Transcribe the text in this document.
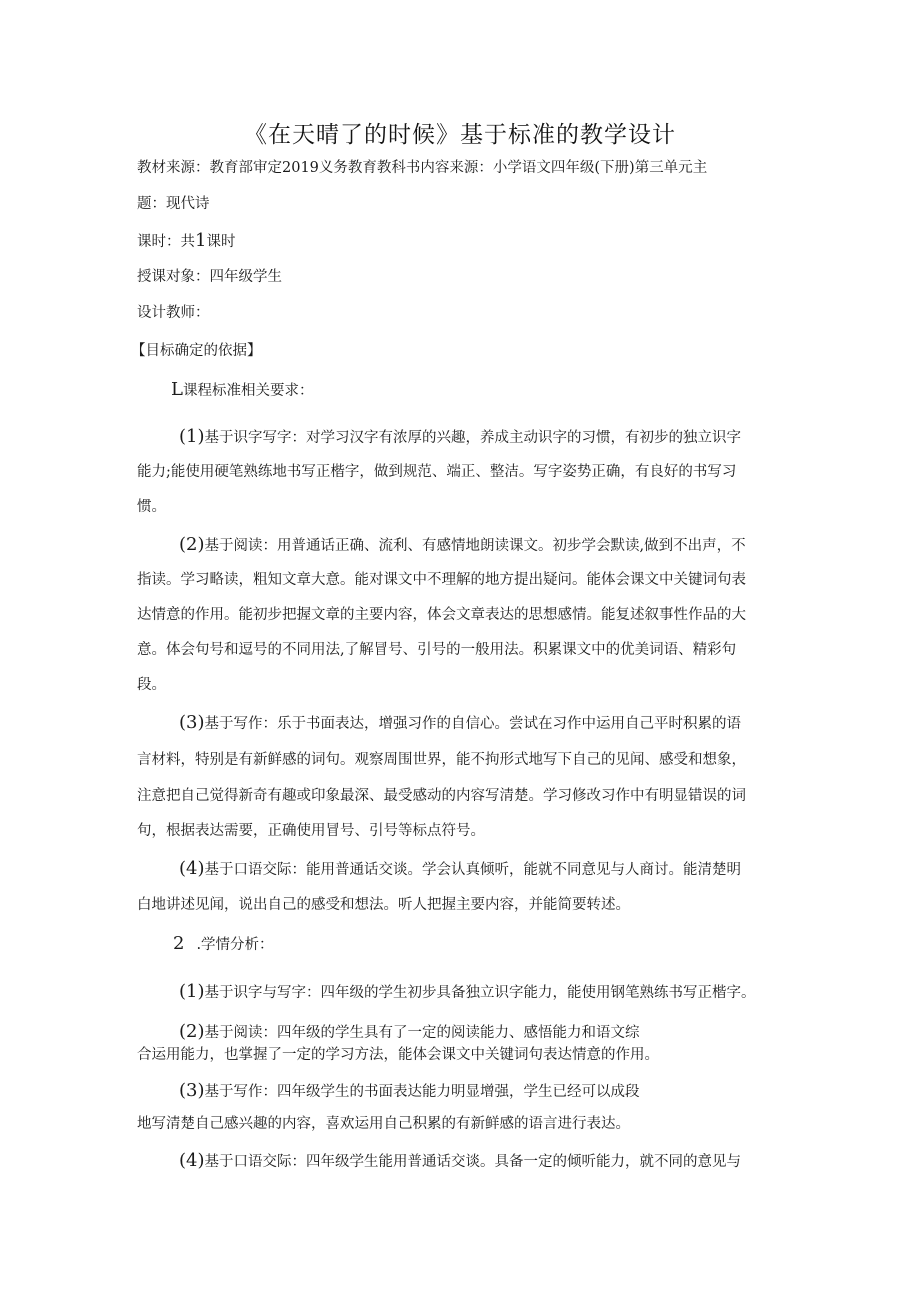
《在天晴了的时候》基于标准的教学设计
教材来源：教育部审定2019义务教育教科书内容来源：小学语文四年级(下册)第三单元主
题：现代诗
课时：共1课时
授课对象：四年级学生
设计教师：
【目标确定的依据】
L课程标准相关要求：
(1)基于识字写字：对学习汉字有浓厚的兴趣，养成主动识字的习惯，有初步的独立识字
能力;能使用硬笔熟练地书写正楷字，做到规范、端正、整洁。写字姿势正确，有良好的书写习
惯。
(2)基于阅读：用普通话正确、流利、有感情地朗读课文。初步学会默读,做到不出声，不
指读。学习略读，粗知文章大意。能对课文中不理解的地方提出疑问。能体会课文中关键词句表
达情意的作用。能初步把握文章的主要内容，体会文章表达的思想感情。能复述叙事性作品的大
意。体会句号和逗号的不同用法,了解冒号、引号的一般用法。积累课文中的优美词语、精彩句
段。
(3)基于写作：乐于书面表达，增强习作的自信心。尝试在习作中运用自己平时积累的语
言材料，特别是有新鲜感的词句。观察周围世界，能不拘形式地写下自己的见闻、感受和想象，
注意把自己觉得新奇有趣或印象最深、最受感动的内容写清楚。学习修改习作中有明显错误的词
句，根据表达需要，正确使用冒号、引号等标点符号。
(4)基于口语交际：能用普通话交谈。学会认真倾听，能就不同意见与人商讨。能清楚明
白地讲述见闻，说出自己的感受和想法。听人把握主要内容，并能简要转述。
2 .学情分析：
(1)基于识字与写字：四年级的学生初步具备独立识字能力，能使用钢笔熟练书写正楷字。
(2)基于阅读：四年级的学生具有了一定的阅读能力、感悟能力和语文综
合运用能力，也掌握了一定的学习方法，能体会课文中关键词句表达情意的作用。
(3)基于写作：四年级学生的书面表达能力明显增强，学生已经可以成段
地写清楚自己感兴趣的内容，喜欢运用自己积累的有新鲜感的语言进行表达。
(4)基于口语交际：四年级学生能用普通话交谈。具备一定的倾听能力，就不同的意见与
